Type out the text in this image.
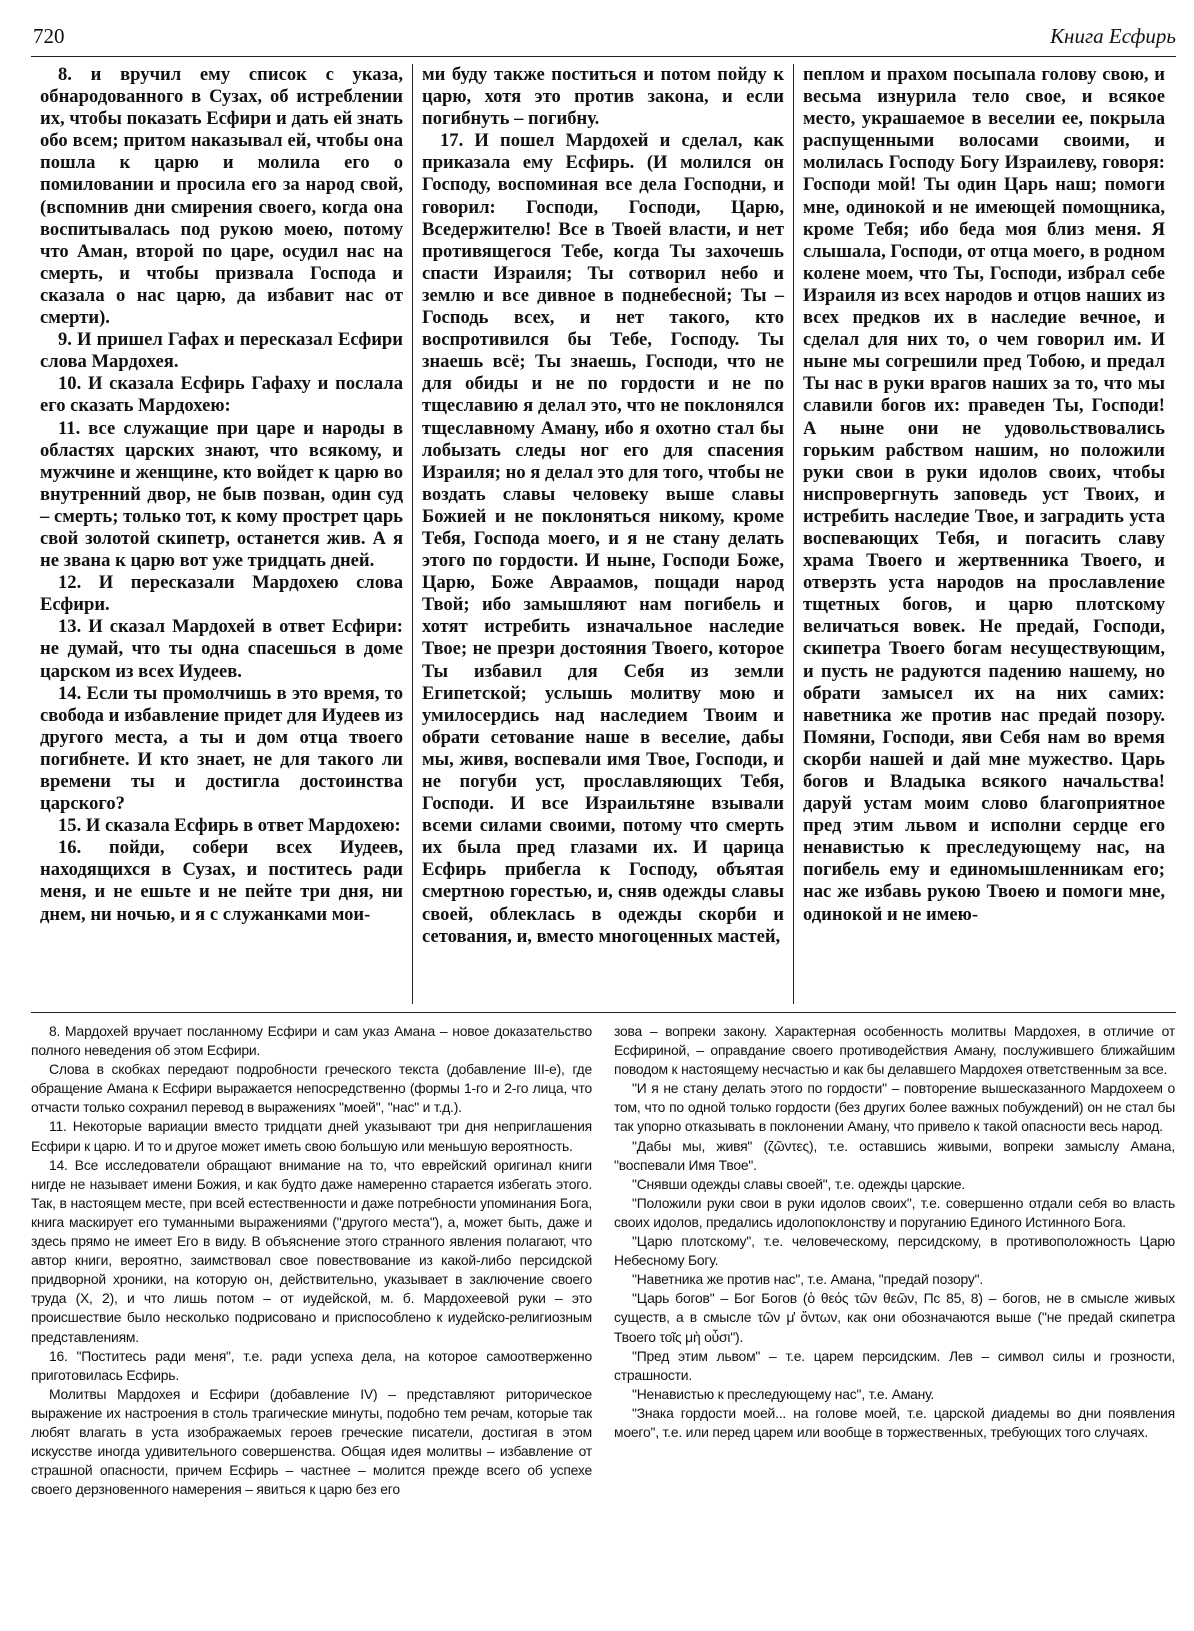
720	Книга Есфирь

8. и вручил ему список с указа, обнародованного в Сузах, об истреблении их, чтобы показать Есфири и дать ей знать обо всем; притом наказывал ей, чтобы она пошла к царю и молила его о помиловании и просила его за народ свой, (вспомнив дни смирения своего, когда она воспитывалась под рукою моею, потому что Аман, второй по царе, осудил нас на смерть, и чтобы призвала Господа и сказала о нас царю, да избавит нас от смерти).

9. И пришел Гафах и пересказал Есфири слова Мардохея.

10. И сказала Есфирь Гафаху и послала его сказать Мардохею:

11. все служащие при царе и народы в областях царских знают, что всякому, и мужчине и женщине, кто войдет к царю во внутренний двор, не быв позван, один суд – смерть; только тот, к кому прострет царь свой золотой скипетр, останется жив. А я не звана к царю вот уже тридцать дней.

12. И пересказали Мардохею слова Есфири.

13. И сказал Мардохей в ответ Есфири: не думай, что ты одна спасешься в доме царском из всех Иудеев.

14. Если ты промолчишь в это время, то свобода и избавление придет для Иудеев из другого места, а ты и дом отца твоего погибнете. И кто знает, не для такого ли времени ты и достигла достоинства царского?

15. И сказала Есфирь в ответ Мардохею:

16. пойди, собери всех Иудеев, находящихся в Сузах, и поститесь ради меня, и не ешьте и не пейте три дня, ни днем, ни ночью, и я с служанками мои-

ми буду также поститься и потом пойду к царю, хотя это против закона, и если погибнуть – погибну.

17. И пошел Мардохей и сделал, как приказала ему Есфирь. (И молился он Господу, воспоминая все дела Господни, и говорил: Господи, Господи, Царю, Вседержителю! Все в Твоей власти, и нет противящегося Тебе, когда Ты захочешь спасти Израиля; Ты сотворил небо и землю и все дивное в поднебесной; Ты – Господь всех, и нет такого, кто воспротивился бы Тебе, Господу. Ты знаешь всё; Ты знаешь, Господи, что не для обиды и не по гордости и не по тщеславию я делал это, что не поклонялся тщеславному Аману, ибо я охотно стал бы лобызать следы ног его для спасения Израиля; но я делал это для того, чтобы не воздать славы человеку выше славы Божией и не поклоняться никому, кроме Тебя, Господа моего, и я не стану делать этого по гордости. И ныне, Господи Боже, Царю, Боже Авраамов, пощади народ Твой; ибо замышляют нам погибель и хотят истребить изначальное наследие Твое; не презри достояния Твоего, которое Ты избавил для Себя из земли Египетской; услышь молитву мою и умилосердись над наследием Твоим и обрати сетование наше в веселие, дабы мы, живя, воспевали имя Твое, Господи, и не погуби уст, прославляющих Тебя, Господи. И все Израильтяне взывали всеми силами своими, потому что смерть их была пред глазами их. И царица Есфирь прибегла к Господу, объятая смертною горестью, и, сняв одежды славы своей, облеклась в одежды скорби и сетования, и, вместо многоценных мастей,

пеплом и прахом посыпала голову свою, и весьма изнурила тело свое, и всякое место, украшаемое в веселии ее, покрыла распущенными волосами своими, и молилась Господу Богу Израилеву, говоря: Господи мой! Ты один Царь наш; помоги мне, одинокой и не имеющей помощника, кроме Тебя; ибо беда моя близ меня. Я слышала, Господи, от отца моего, в родном колене моем, что Ты, Господи, избрал себе Израиля из всех народов и отцов наших из всех предков их в наследие вечное, и сделал для них то, о чем говорил им. И ныне мы согрешили пред Тобою, и предал Ты нас в руки врагов наших за то, что мы славили богов их: праведен Ты, Господи! А ныне они не удовольствовались горьким рабством нашим, но положили руки свои в руки идолов своих, чтобы ниспровергнуть заповедь уст Твоих, и истребить наследие Твое, и заградить уста воспевающих Тебя, и погасить славу храма Твоего и жертвенника Твоего, и отверзть уста народов на прославление тщетных богов, и царю плотскому величаться вовек. Не предай, Господи, скипетра Твоего богам несуществующим, и пусть не радуются падению нашему, но обрати замысел их на них самих: наветника же против нас предай позору. Помяни, Господи, яви Себя нам во время скорби нашей и дай мне мужество. Царь богов и Владыка всякого начальства! даруй устам моим слово благоприятное пред этим львом и исполни сердце его ненавистью к преследующему нас, на погибель ему и единомышленникам его; нас же избавь рукою Твоею и помоги мне, одинокой и не имею-

8. Мардохей вручает посланному Есфири и сам указ Амана – новое доказательство полного неведения об этом Есфири.

Слова в скобках передают подробности греческого текста (добавление III-е), где обращение Амана к Есфири выражается непосредственно (формы 1-го и 2-го лица, что отчасти только сохранил перевод в выражениях "моей", "нас" и т.д.).

11. Некоторые вариации вместо тридцати дней указывают три дня неприглашения Есфири к царю. И то и другое может иметь свою большую или меньшую вероятность.

14. Все исследователи обращают внимание на то, что еврейский оригинал книги нигде не называет имени Божия, и как будто даже намеренно старается избегать этого. Так, в настоящем месте, при всей естественности и даже потребности упоминания Бога, книга маскирует его туманными выражениями ("другого места"), а, может быть, даже и здесь прямо не имеет Его в виду. В объяснение этого странного явления полагают, что автор книги, вероятно, заимствовал свое повествование из какой-либо персидской придворной хроники, на которую он, действительно, указывает в заключение своего труда (X, 2), и что лишь потом – от иудейской, м. б. Мардохеевой руки – это происшествие было несколько подрисовано и приспособлено к иудейско-религиозным представлениям.

16. "Поститесь ради меня", т.е. ради успеха дела, на которое самоотверженно приготовилась Есфирь.

Молитвы Мардохея и Есфири (добавление IV) – представляют риторическое выражение их настроения в столь трагические минуты, подобно тем речам, которые так любят влагать в уста изображаемых героев греческие писатели, достигая в этом искусстве иногда удивительного совершенства. Общая идея молитвы – избавление от страшной опасности, причем Есфирь – частнее – молится прежде всего об успехе своего дерзновенного намерения – явиться к царю без его

зова – вопреки закону. Характерная особенность молитвы Мардохея, в отличие от Есфириной, – оправдание своего противодействия Аману, послужившего ближайшим поводом к настоящему несчастью и как бы делавшего Мардохея ответственным за все.

"И я не стану делать этого по гордости" – повторение вышесказанного Мардохеем о том, что по одной только гордости (без других более важных побуждений) он не стал бы так упорно отказывать в поклонении Аману, что привело к такой опасности весь народ.

"Дабы мы, живя" (ζῶντες), т.е. оставшись живыми, вопреки замыслу Амана, "воспевали Имя Твое".

"Снявши одежды славы своей", т.е. одежды царские.

"Положили руки свои в руки идолов своих", т.е. совершенно отдали себя во власть своих идолов, предались идолопоклонству и поруганию Единого Истинного Бога.

"Царю плотскому", т.е. человеческому, персидскому, в противоположность Царю Небесному Богу.

"Наветника же против нас", т.е. Амана, "предай позору".

"Царь богов" – Бог Богов (ὁ θεός τῶν θεῶν, Пс 85, 8) – богов, не в смысле живых существ, а в смысле τῶν μ̓ ὄντων, как они обозначаются выше ("не предай скипетра Твоего τοῖς μὴ οὖσι").

"Пред этим львом" – т.е. царем персидским. Лев – символ силы и грозности, страшности.

"Ненавистью к преследующему нас", т.е. Аману.

"Знака гордости моей... на голове моей, т.е. царской диадемы во дни появления моего", т.е. или перед царем или вообще в торжественных, требующих того случаях.
